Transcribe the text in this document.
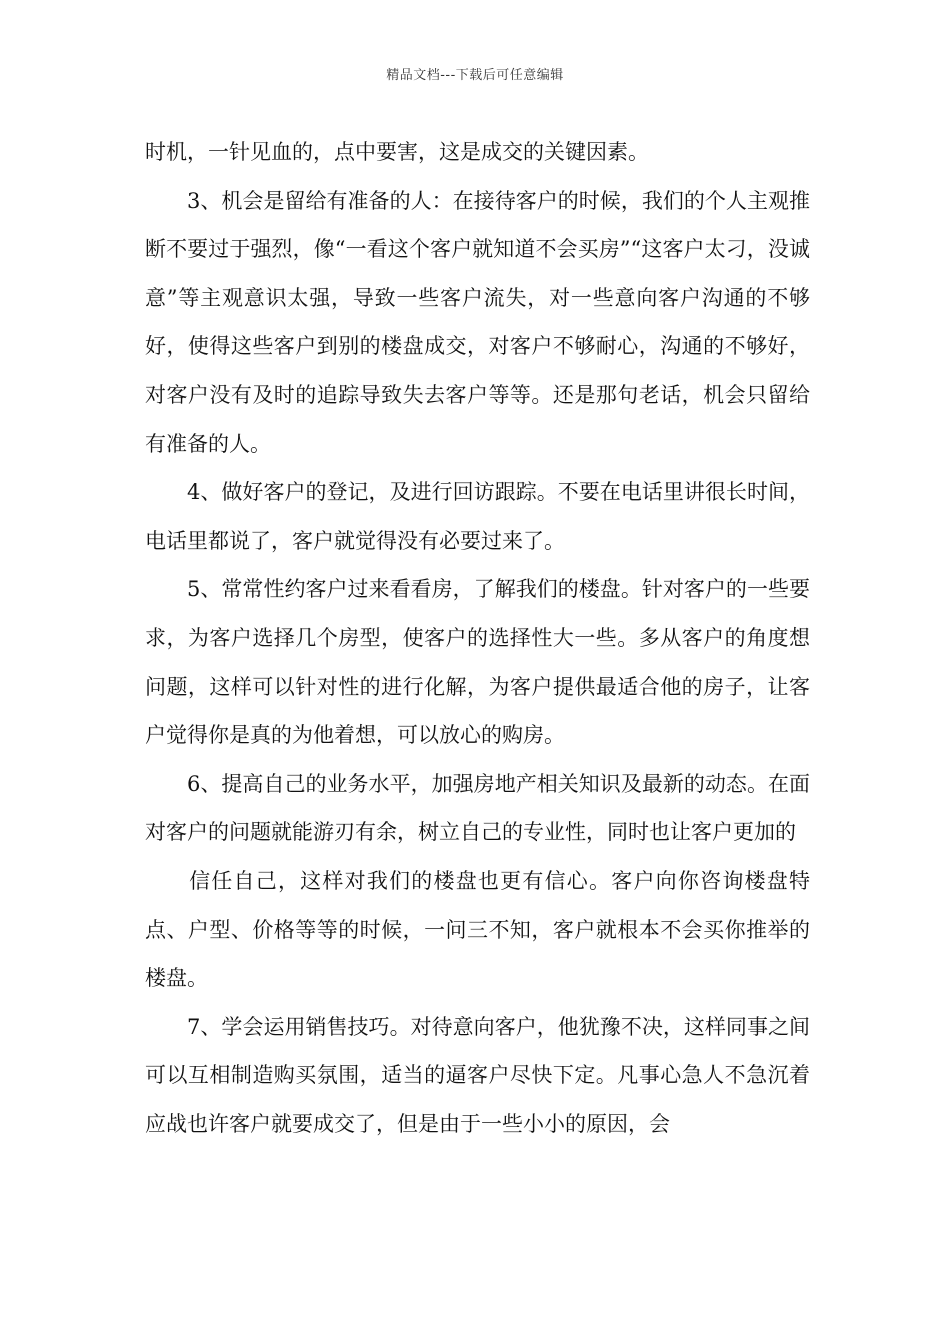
精品文档---下载后可任意编辑

时机，一针见血的，点中要害，这是成交的关键因素。

3、机会是留给有准备的人：在接待客户的时候，我们的个人主观推断不要过于强烈，像“一看这个客户就知道不会买房”“这客户太刁，没诚意”等主观意识太强，导致一些客户流失，对一些意向客户沟通的不够好，使得这些客户到别的楼盘成交，对客户不够耐心，沟通的不够好，对客户没有及时的追踪导致失去客户等等。还是那句老话，机会只留给有准备的人。

4、做好客户的登记，及进行回访跟踪。不要在电话里讲很长时间，电话里都说了，客户就觉得没有必要过来了。

5、常常性约客户过来看看房，了解我们的楼盘。针对客户的一些要求，为客户选择几个房型，使客户的选择性大一些。多从客户的角度想问题，这样可以针对性的进行化解，为客户提供最适合他的房子，让客户觉得你是真的为他着想，可以放心的购房。

6、提高自己的业务水平，加强房地产相关知识及最新的动态。在面对客户的问题就能游刃有余，树立自己的专业性，同时也让客户更加的

信任自己，这样对我们的楼盘也更有信心。客户向你咨询楼盘特点、户型、价格等等的时候，一问三不知，客户就根本不会买你推举的楼盘。

7、学会运用销售技巧。对待意向客户，他犹豫不决，这样同事之间可以互相制造购买氛围，适当的逼客户尽快下定。凡事心急人不急沉着应战也许客户就要成交了，但是由于一些小小的原因，会
